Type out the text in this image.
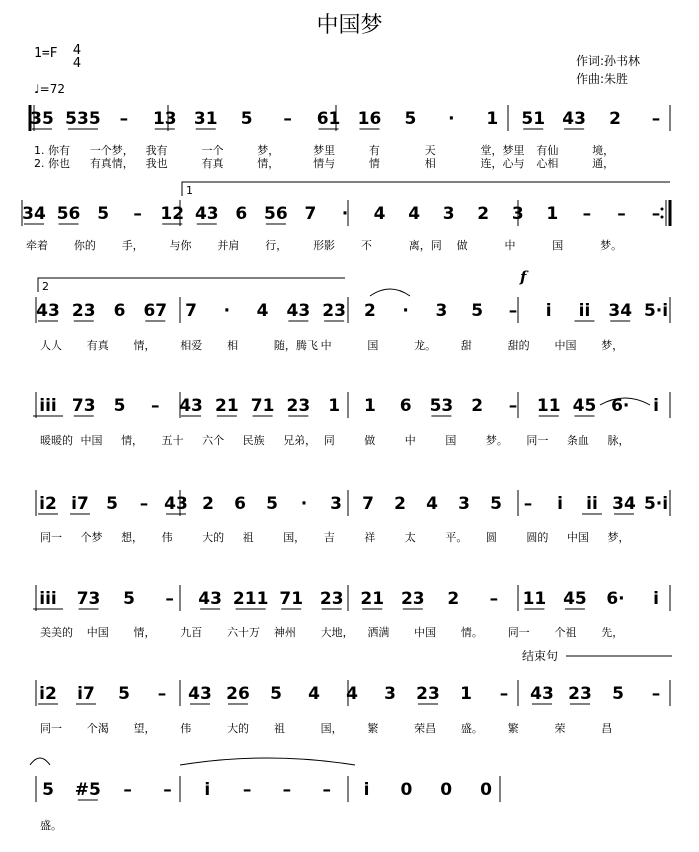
中国梦
1=F 4
4
♩=72
作词:孙书林
作曲:朱胜
35 535 – 13 31 5 – 61 16 5 · 1 51 43 2 –
34 56 5 – 12 43 6 56 7 · 4 4 3 2 3 1 – – –
43 23 6 67 7 · 4 43 23 2 · 3 5 – i ii 34 5·i
iii 73 5 – 43 21 71 23 1 1 6 53 2 – 11 45 6· i
i2 i7 5 – 43 2 6 5 · 3 7 2 4 3 5 – i ii 34 5·i
iii 73 5 – 43 211 71 23 21 23 2 – 11 45 6· i
i2 i7 5 – 43 26 5 4 4 3 23 1 – 43 23 5 –
5 #5 – – i – – – i 0 0 0
1
2
f
结束句
1. 你有 一个梦， 我有	一个	梦，	梦里	有	天	堂，梦里 有仙	境，
2. 你也 有真情， 我也	有真	情，	情与	情	相	连，心与 心相	通，
牵着 你的 手， 与你 并肩 行， 形影 不	离，同 做	中	国	梦。
人人 有真 情， 相爱 相	随，腾飞 中	国	龙。 甜	甜的 中国 梦，
暖暖的 中国 情， 五十 六个 民族 兄弟， 同	做	中	国	梦。 同一 条血 脉，
同一 个梦 想， 伟	大的 祖	国， 吉	祥	太	平。 圆	圆的 中国 梦，
美美的 中国 情， 九百 六十万 神州 大地， 洒满 中国 情。 同一 个祖 先，
同一 个渴 望， 伟	大的 祖	国， 繁	荣昌 盛。 繁	荣	昌
盛。
